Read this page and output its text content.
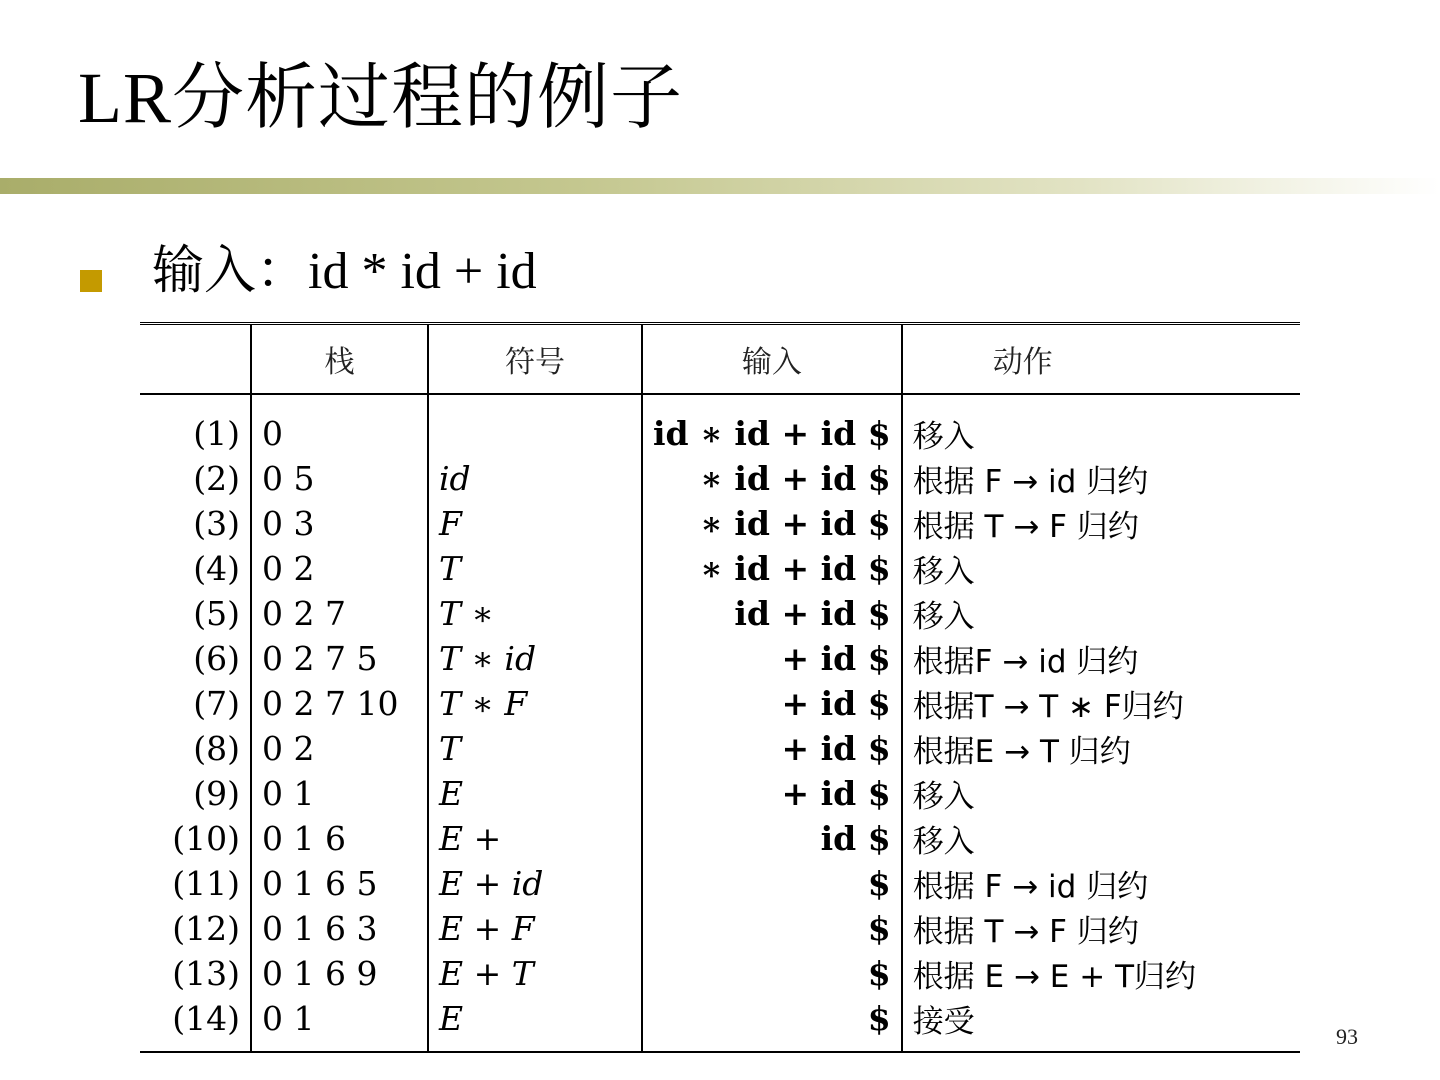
LR分析过程的例子
输入：id * id + id
	栈	符号	输入	动作
(1)	0		id ∗ id + id $	移入
(2)	0 5	id	∗ id + id $	根据 F → id 归约
(3)	0 3	F	∗ id + id $	根据 T → F 归约
(4)	0 2	T	∗ id + id $	移入
(5)	0 2 7	T ∗	id + id $	移入
(6)	0 2 7 5	T ∗ id	+ id $	根据F → id 归约
(7)	0 2 7 10	T ∗ F	+ id $	根据T → T ∗ F归约
(8)	0 2	T	+ id $	根据E → T 归约
(9)	0 1	E	+ id $	移入
(10)	0 1 6	E +	id $	移入
(11)	0 1 6 5	E + id	$	根据 F → id 归约
(12)	0 1 6 3	E + F	$	根据 T → F 归约
(13)	0 1 6 9	E + T	$	根据 E → E + T归约
(14)	0 1	E	$	接受	93
